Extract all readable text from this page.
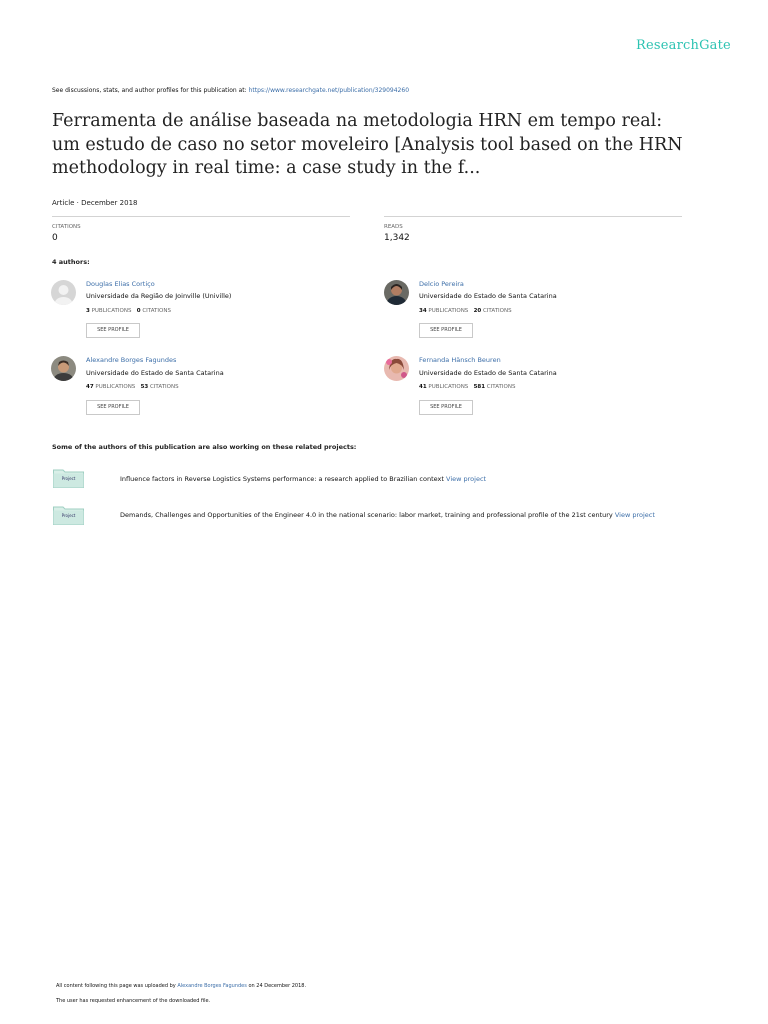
ResearchGate
See discussions, stats, and author profiles for this publication at: https://www.researchgate.net/publication/329094260
Ferramenta de análise baseada na metodologia HRN em tempo real: um estudo de caso no setor moveleiro [Analysis tool based on the HRN methodology in real time: a case study in the f...
Article · December 2018
CITATIONS
0
READS
1,342
4 authors:
Douglas Elias Cortiço
Universidade da Região de Joinville (Univille)
3 PUBLICATIONS 0 CITATIONS
SEE PROFILE
Delcio Pereira
Universidade do Estado de Santa Catarina
34 PUBLICATIONS 20 CITATIONS
SEE PROFILE
Alexandre Borges Fagundes
Universidade do Estado de Santa Catarina
47 PUBLICATIONS 53 CITATIONS
SEE PROFILE
Fernanda Hänsch Beuren
Universidade do Estado de Santa Catarina
41 PUBLICATIONS 581 CITATIONS
SEE PROFILE
Some of the authors of this publication are also working on these related projects:
Project	Influence factors in Reverse Logistics Systems performance: a research applied to Brazilian context View project
Project	Demands, Challenges and Opportunities of the Engineer 4.0 in the national scenario: labor market, training and professional profile of the 21st century View project
All content following this page was uploaded by Alexandre Borges Fagundes on 24 December 2018.
The user has requested enhancement of the downloaded file.
